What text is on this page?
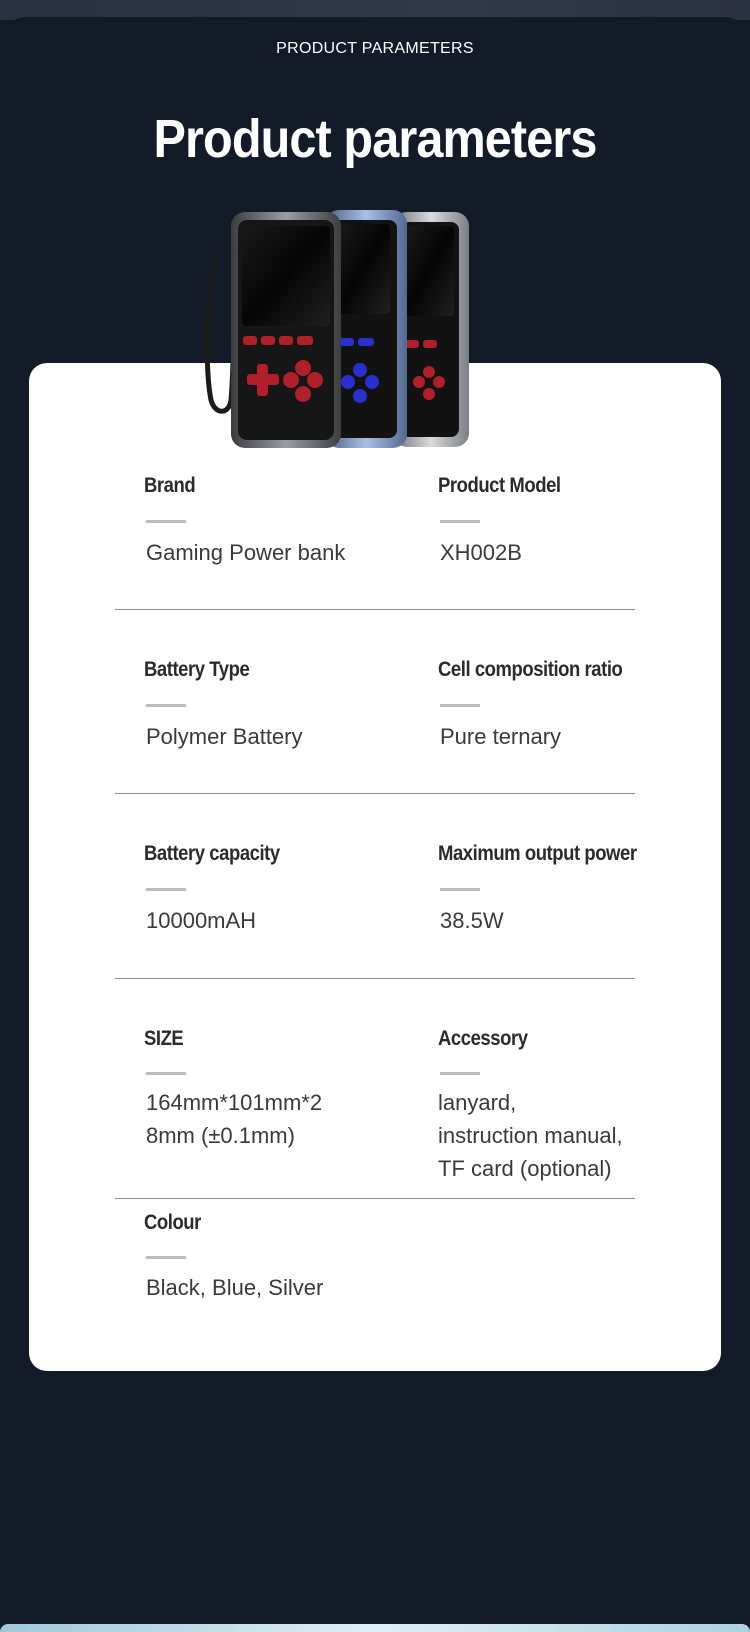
PRODUCT PARAMETERS
Product parameters
Brand
Gaming Power bank
Product Model
XH002B
Battery Type
Polymer Battery
Cell composition ratio
Pure ternary
Battery capacity
10000mAH
Maximum output power
38.5W
SIZE
164mm*101mm*2
8mm (±0.1mm)
Accessory
lanyard,
instruction manual,
TF card (optional)
Colour
Black, Blue, Silver
